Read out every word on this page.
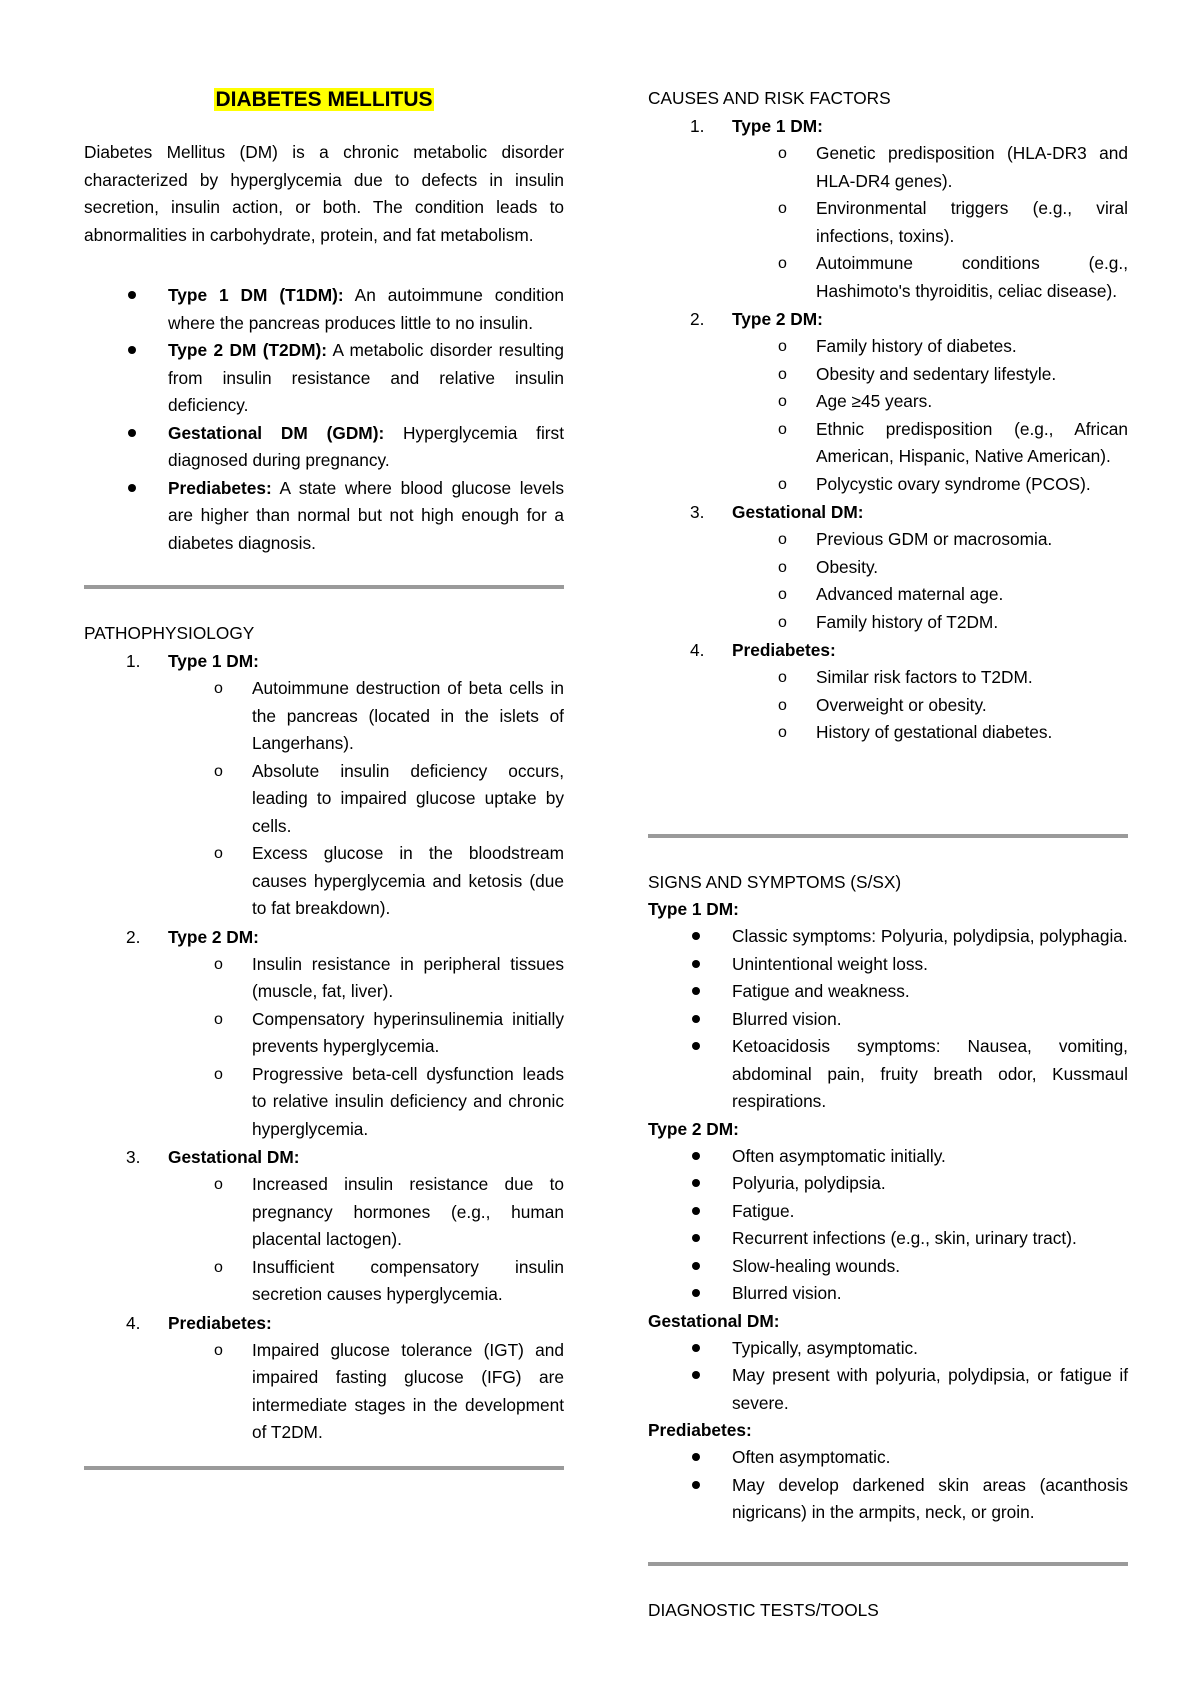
DIABETES MELLITUS

Diabetes Mellitus (DM) is a chronic metabolic disorder characterized by hyperglycemia due to defects in insulin secretion, insulin action, or both. The condition leads to abnormalities in carbohydrate, protein, and fat metabolism.

Type 1 DM (T1DM): An autoimmune condition where the pancreas produces little to no insulin.
Type 2 DM (T2DM): A metabolic disorder resulting from insulin resistance and relative insulin deficiency.
Gestational DM (GDM): Hyperglycemia first diagnosed during pregnancy.
Prediabetes: A state where blood glucose levels are higher than normal but not high enough for a diabetes diagnosis.
PATHOPHYSIOLOGY
1. Type 1 DM:
o Autoimmune destruction of beta cells in the pancreas (located in the islets of Langerhans).
o Absolute insulin deficiency occurs, leading to impaired glucose uptake by cells.
o Excess glucose in the bloodstream causes hyperglycemia and ketosis (due to fat breakdown).
2. Type 2 DM:
o Insulin resistance in peripheral tissues (muscle, fat, liver).
o Compensatory hyperinsulinemia initially prevents hyperglycemia.
o Progressive beta-cell dysfunction leads to relative insulin deficiency and chronic hyperglycemia.
3. Gestational DM:
o Increased insulin resistance due to pregnancy hormones (e.g., human placental lactogen).
o Insufficient compensatory insulin secretion causes hyperglycemia.
4. Prediabetes:
o Impaired glucose tolerance (IGT) and impaired fasting glucose (IFG) are intermediate stages in the development of T2DM.
CAUSES AND RISK FACTORS
1. Type 1 DM:
o Genetic predisposition (HLA-DR3 and HLA-DR4 genes).
o Environmental triggers (e.g., viral infections, toxins).
o Autoimmune conditions (e.g., Hashimoto's thyroiditis, celiac disease).
2. Type 2 DM:
o Family history of diabetes.
o Obesity and sedentary lifestyle.
o Age ≥45 years.
o Ethnic predisposition (e.g., African American, Hispanic, Native American).
o Polycystic ovary syndrome (PCOS).
3. Gestational DM:
o Previous GDM or macrosomia.
o Obesity.
o Advanced maternal age.
o Family history of T2DM.
4. Prediabetes:
o Similar risk factors to T2DM.
o Overweight or obesity.
o History of gestational diabetes.
SIGNS AND SYMPTOMS (S/SX)
Type 1 DM:
Classic symptoms: Polyuria, polydipsia, polyphagia.
Unintentional weight loss.
Fatigue and weakness.
Blurred vision.
Ketoacidosis symptoms: Nausea, vomiting, abdominal pain, fruity breath odor, Kussmaul respirations.
Type 2 DM:
Often asymptomatic initially.
Polyuria, polydipsia.
Fatigue.
Recurrent infections (e.g., skin, urinary tract).
Slow-healing wounds.
Blurred vision.
Gestational DM:
Typically, asymptomatic.
May present with polyuria, polydipsia, or fatigue if severe.
Prediabetes:
Often asymptomatic.
May develop darkened skin areas (acanthosis nigricans) in the armpits, neck, or groin.
DIAGNOSTIC TESTS/TOOLS
